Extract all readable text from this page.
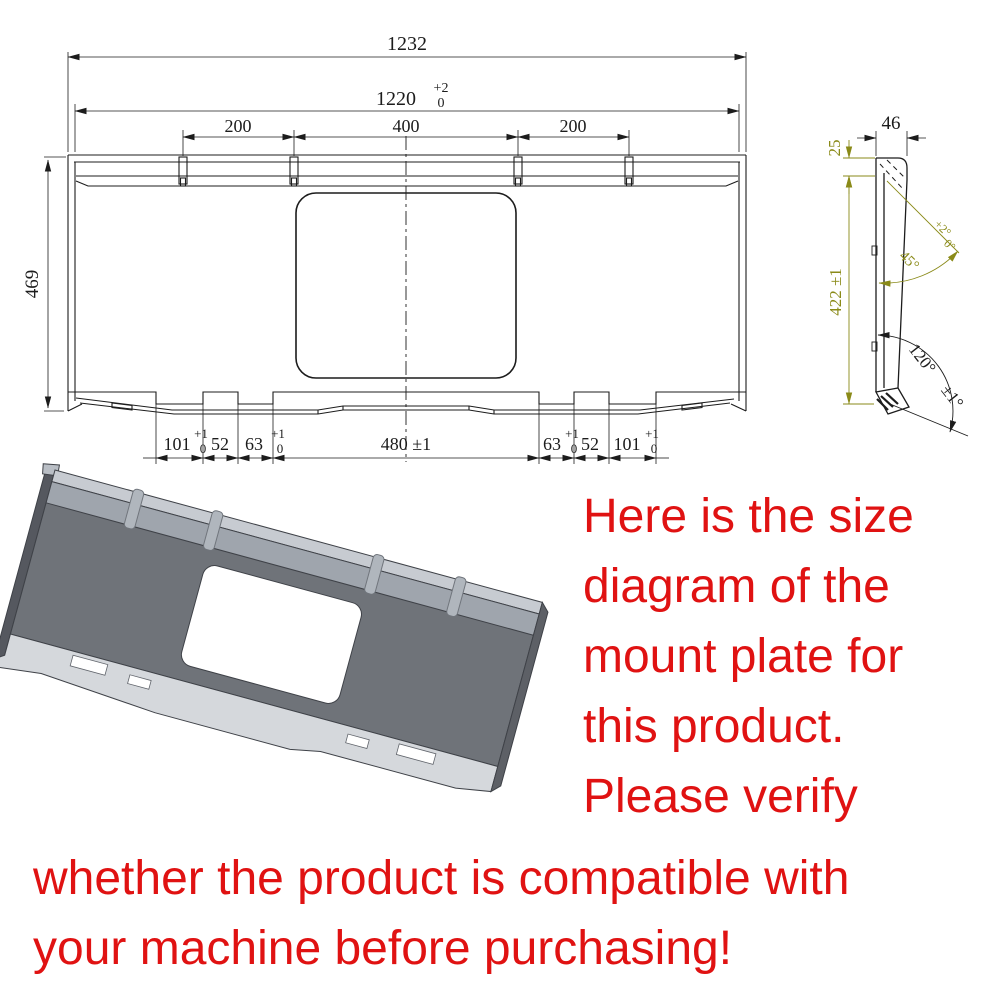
1232
1220 +2
0
200	400	200
469
101
+1
0 52 63
+1
0	480 ±1	63
+1
0 52 101
+1
0
46
120°
±1°
25
422 ±1
45°
+2°
0°
Here is the size
diagram of the
mount plate for
this product.
Please verify
whether the product is compatible with
your machine before purchasing!
